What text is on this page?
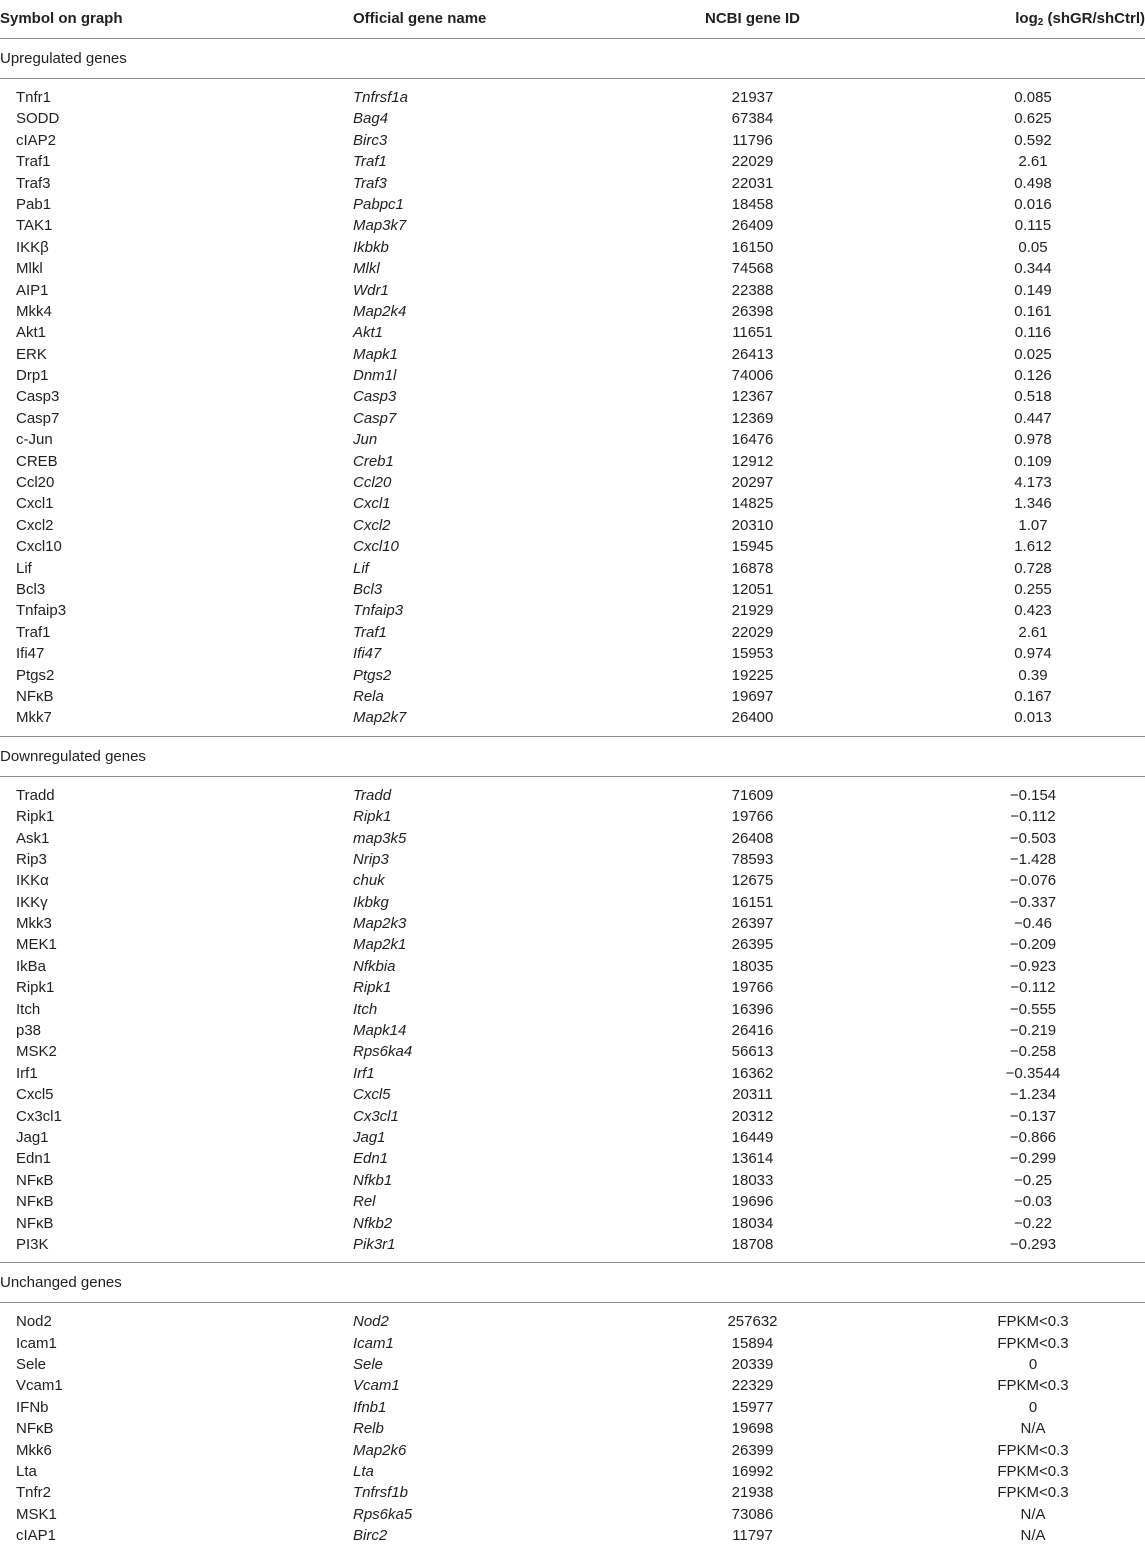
Symbol on graph	Official gene name	NCBI gene ID	$\log_2$ (shGR/shCtrl)
Upregulated genes
Tnfr1	Tnfrsf1a	21937	0.085
SODD	Bag4	67384	0.625
cIAP2	Birc3	11796	0.592
Traf1	Traf1	22029	2.61
Traf3	Traf3	22031	0.498
Pab1	Pabpc1	18458	0.016
TAK1	Map3k7	26409	0.115
IKKβ	Ikbkb	16150	0.05
Mlkl	Mlkl	74568	0.344
AIP1	Wdr1	22388	0.149
Mkk4	Map2k4	26398	0.161
Akt1	Akt1	11651	0.116
ERK	Mapk1	26413	0.025
Drp1	Dnm1l	74006	0.126
Casp3	Casp3	12367	0.518
Casp7	Casp7	12369	0.447
c-Jun	Jun	16476	0.978
CREB	Creb1	12912	0.109
Ccl20	Ccl20	20297	4.173
Cxcl1	Cxcl1	14825	1.346
Cxcl2	Cxcl2	20310	1.07
Cxcl10	Cxcl10	15945	1.612
Lif	Lif	16878	0.728
Bcl3	Bcl3	12051	0.255
Tnfaip3	Tnfaip3	21929	0.423
Traf1	Traf1	22029	2.61
Ifi47	Ifi47	15953	0.974
Ptgs2	Ptgs2	19225	0.39
NFκB	Rela	19697	0.167
Mkk7	Map2k7	26400	0.013
Downregulated genes
Tradd	Tradd	71609	−0.154
Ripk1	Ripk1	19766	−0.112
Ask1	map3k5	26408	−0.503
Rip3	Nrip3	78593	−1.428
IKKα	chuk	12675	−0.076
IKKγ	Ikbkg	16151	−0.337
Mkk3	Map2k3	26397	−0.46
MEK1	Map2k1	26395	−0.209
IkBa	Nfkbia	18035	−0.923
Ripk1	Ripk1	19766	−0.112
Itch	Itch	16396	−0.555
p38	Mapk14	26416	−0.219
MSK2	Rps6ka4	56613	−0.258
Irf1	Irf1	16362	−0.3544
Cxcl5	Cxcl5	20311	−1.234
Cx3cl1	Cx3cl1	20312	−0.137
Jag1	Jag1	16449	−0.866
Edn1	Edn1	13614	−0.299
NFκB	Nfkb1	18033	−0.25
NFκB	Rel	19696	−0.03
NFκB	Nfkb2	18034	−0.22
PI3K	Pik3r1	18708	−0.293
Unchanged genes
Nod2	Nod2	257632	FPKM<0.3
Icam1	Icam1	15894	FPKM<0.3
Sele	Sele	20339	0
Vcam1	Vcam1	22329	FPKM<0.3
IFNb	Ifnb1	15977	0
NFκB	Relb	19698	N/A
Mkk6	Map2k6	26399	FPKM<0.3
Lta	Lta	16992	FPKM<0.3
Tnfr2	Tnfrsf1b	21938	FPKM<0.3
MSK1	Rps6ka5	73086	N/A
cIAP1	Birc2	11797	N/A
